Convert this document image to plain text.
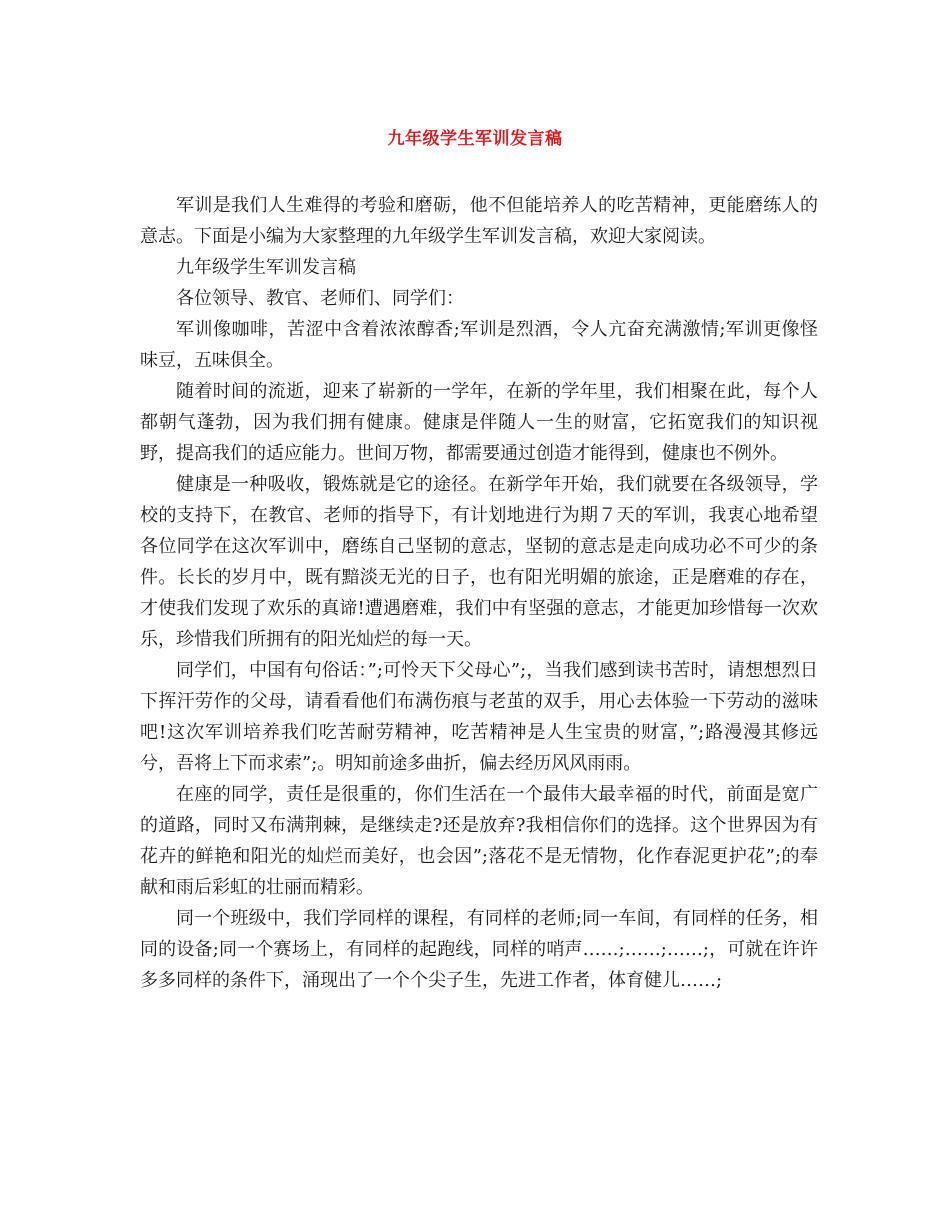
九年级学生军训发言稿

军训是我们人生难得的考验和磨砺，他不但能培养人的吃苦精神，更能磨练人的意志。下面是小编为大家整理的九年级学生军训发言稿，欢迎大家阅读。

九年级学生军训发言稿

各位领导、教官、老师们、同学们：

军训像咖啡，苦涩中含着浓浓醇香;军训是烈酒，令人亢奋充满激情;军训更像怪味豆，五味俱全。

随着时间的流逝，迎来了崭新的一学年，在新的学年里，我们相聚在此，每个人都朝气蓬勃，因为我们拥有健康。健康是伴随人一生的财富，它拓宽我们的知识视野，提高我们的适应能力。世间万物，都需要通过创造才能得到，健康也不例外。

健康是一种吸收，锻炼就是它的途径。在新学年开始，我们就要在各级领导，学校的支持下，在教官、老师的指导下，有计划地进行为期７天的军训，我衷心地希望各位同学在这次军训中，磨练自己坚韧的意志，坚韧的意志是走向成功必不可少的条件。长长的岁月中，既有黯淡无光的日子，也有阳光明媚的旅途，正是磨难的存在，才使我们发现了欢乐的真谛!遭遇磨难，我们中有坚强的意志，才能更加珍惜每一次欢乐，珍惜我们所拥有的阳光灿烂的每一天。

同学们，中国有句俗话：”;可怜天下父母心”;，当我们感到读书苦时，请想想烈日下挥汗劳作的父母，请看看他们布满伤痕与老茧的双手，用心去体验一下劳动的滋味吧!这次军训培养我们吃苦耐劳精神，吃苦精神是人生宝贵的财富，”;路漫漫其修远兮，吾将上下而求索”;。明知前途多曲折，偏去经历风风雨雨。

在座的同学，责任是很重的，你们生活在一个最伟大最幸福的时代，前面是宽广的道路，同时又布满荆棘，是继续走?还是放弃?我相信你们的选择。这个世界因为有花卉的鲜艳和阳光的灿烂而美好，也会因”;落花不是无情物，化作春泥更护花”;的奉献和雨后彩虹的壮丽而精彩。

同一个班级中，我们学同样的课程，有同样的老师;同一车间，有同样的任务，相同的设备;同一个赛场上，有同样的起跑线，同样的哨声……;……;……;，可就在许许多多同样的条件下，涌现出了一个个尖子生，先进工作者，体育健儿……;
